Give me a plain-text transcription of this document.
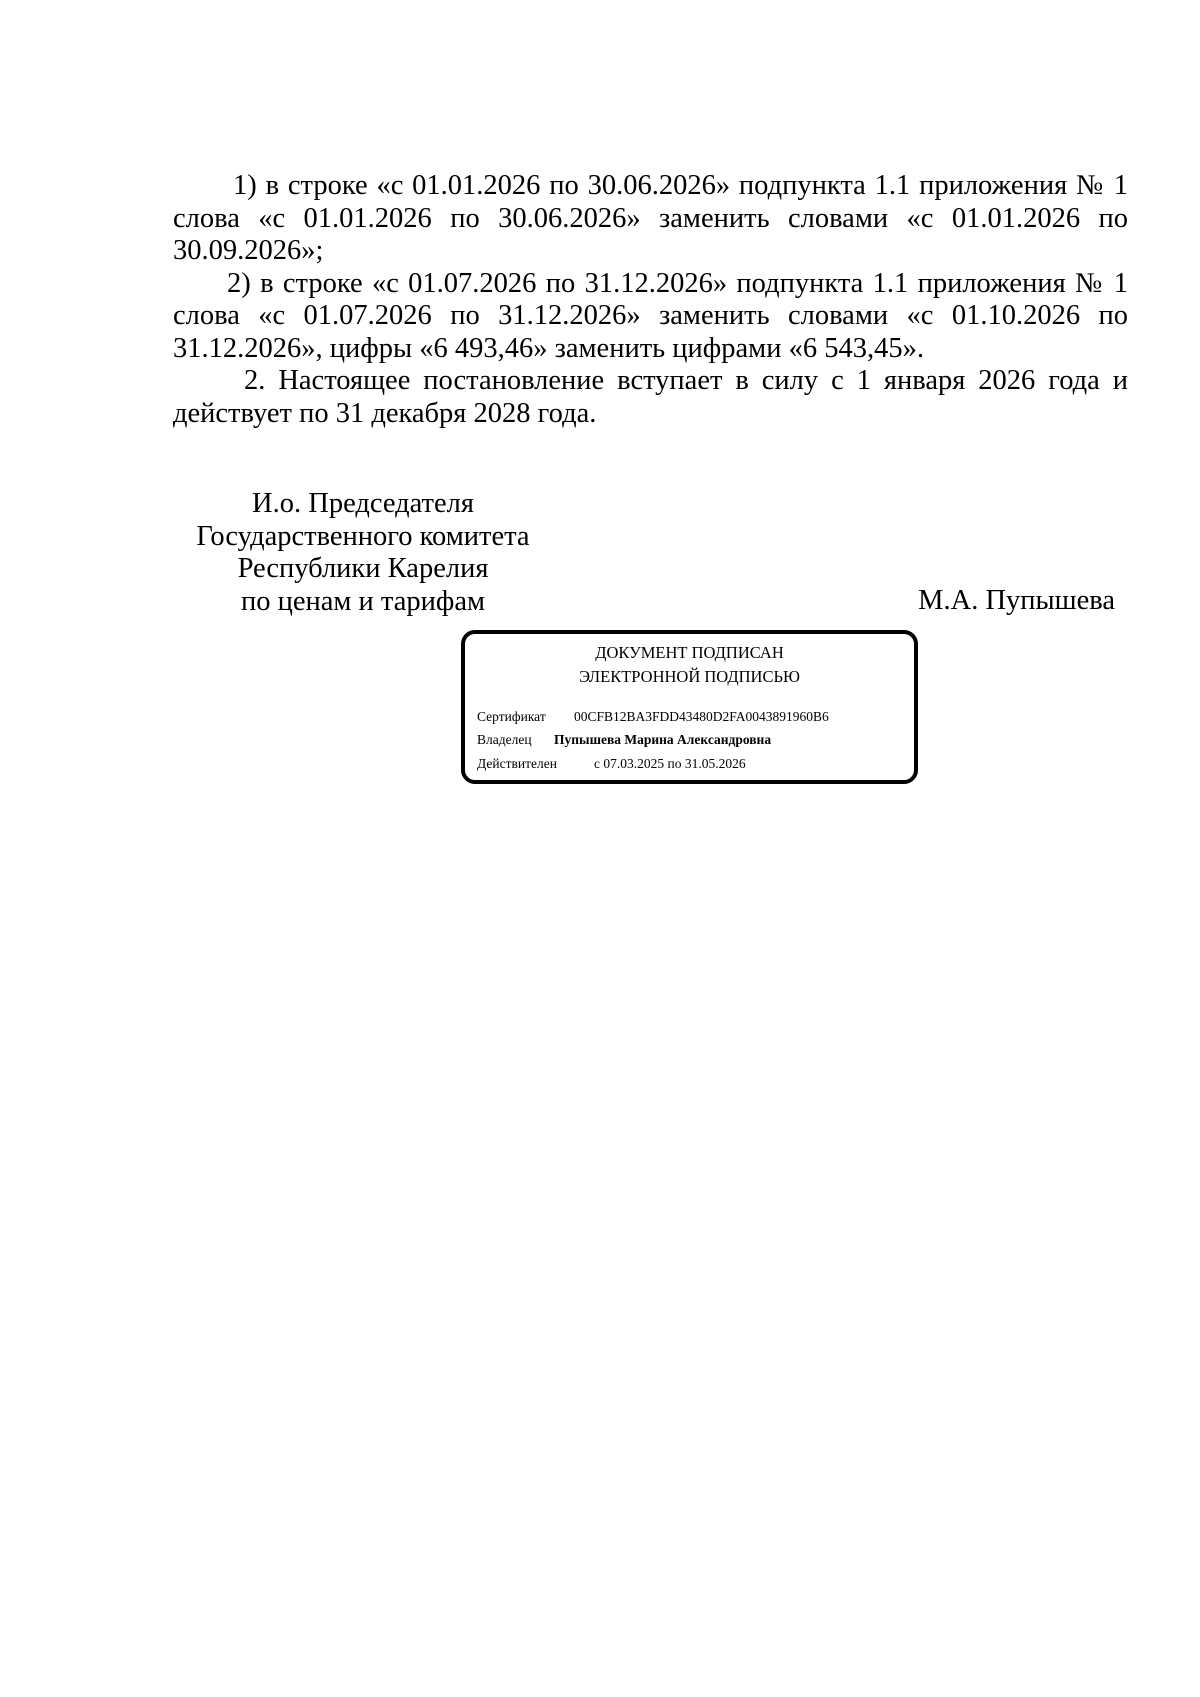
1) в строке «с 01.01.2026 по 30.06.2026» подпункта 1.1 приложения № 1 слова «с 01.01.2026 по 30.06.2026» заменить словами «с 01.01.2026 по 30.09.2026»;

2) в строке «с 01.07.2026 по 31.12.2026» подпункта 1.1 приложения № 1 слова «с 01.07.2026 по 31.12.2026» заменить словами «с 01.10.2026 по 31.12.2026», цифры «6 493,46» заменить цифрами «6 543,45».

2. Настоящее постановление вступает в силу с 1 января 2026 года и действует по 31 декабря 2028 года.

И.о. Председателя
Государственного комитета
Республики Карелия
по ценам и тарифам	М.А. Пупышева
ДОКУМЕНТ ПОДПИСАН
ЭЛЕКТРОННОЙ ПОДПИСЬЮ
Сертификат 00CFB12BA3FDD43480D2FA0043891960B6
Владелец Пупышева Марина Александровна
Действителен	с 07.03.2025 по 31.05.2026
